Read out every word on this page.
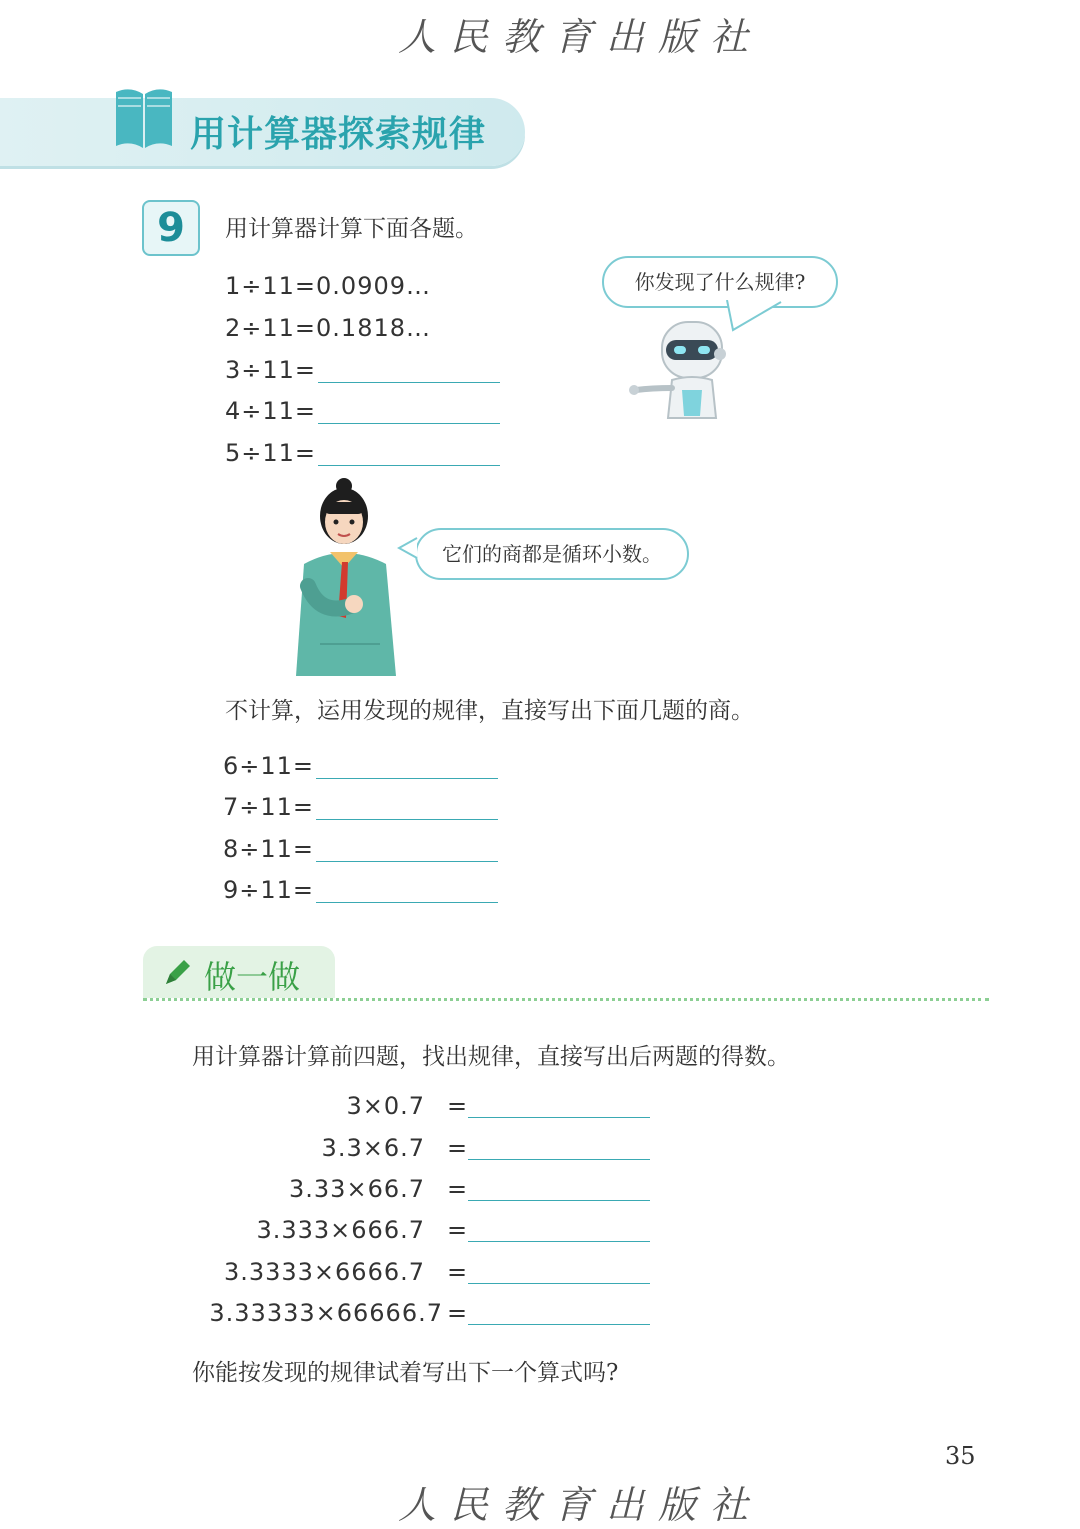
人民教育出版社
用计算器探索规律
9	用计算器计算下面各题。
1÷11=0.0909…
2÷11=0.1818…
3÷11=
4÷11=
5÷11=
你发现了什么规律?
它们的商都是循环小数。
不计算，运用发现的规律，直接写出下面几题的商。
6÷11=
7÷11=
8÷11=
9÷11=
做一做
用计算器计算前四题，找出规律，直接写出后两题的得数。
3×0.7 =
3.3×6.7 =
3.33×66.7 =
3.333×666.7 =
3.3333×6666.7 =
3.33333×66666.7 =
你能按发现的规律试着写出下一个算式吗?
35
人民教育出版社
